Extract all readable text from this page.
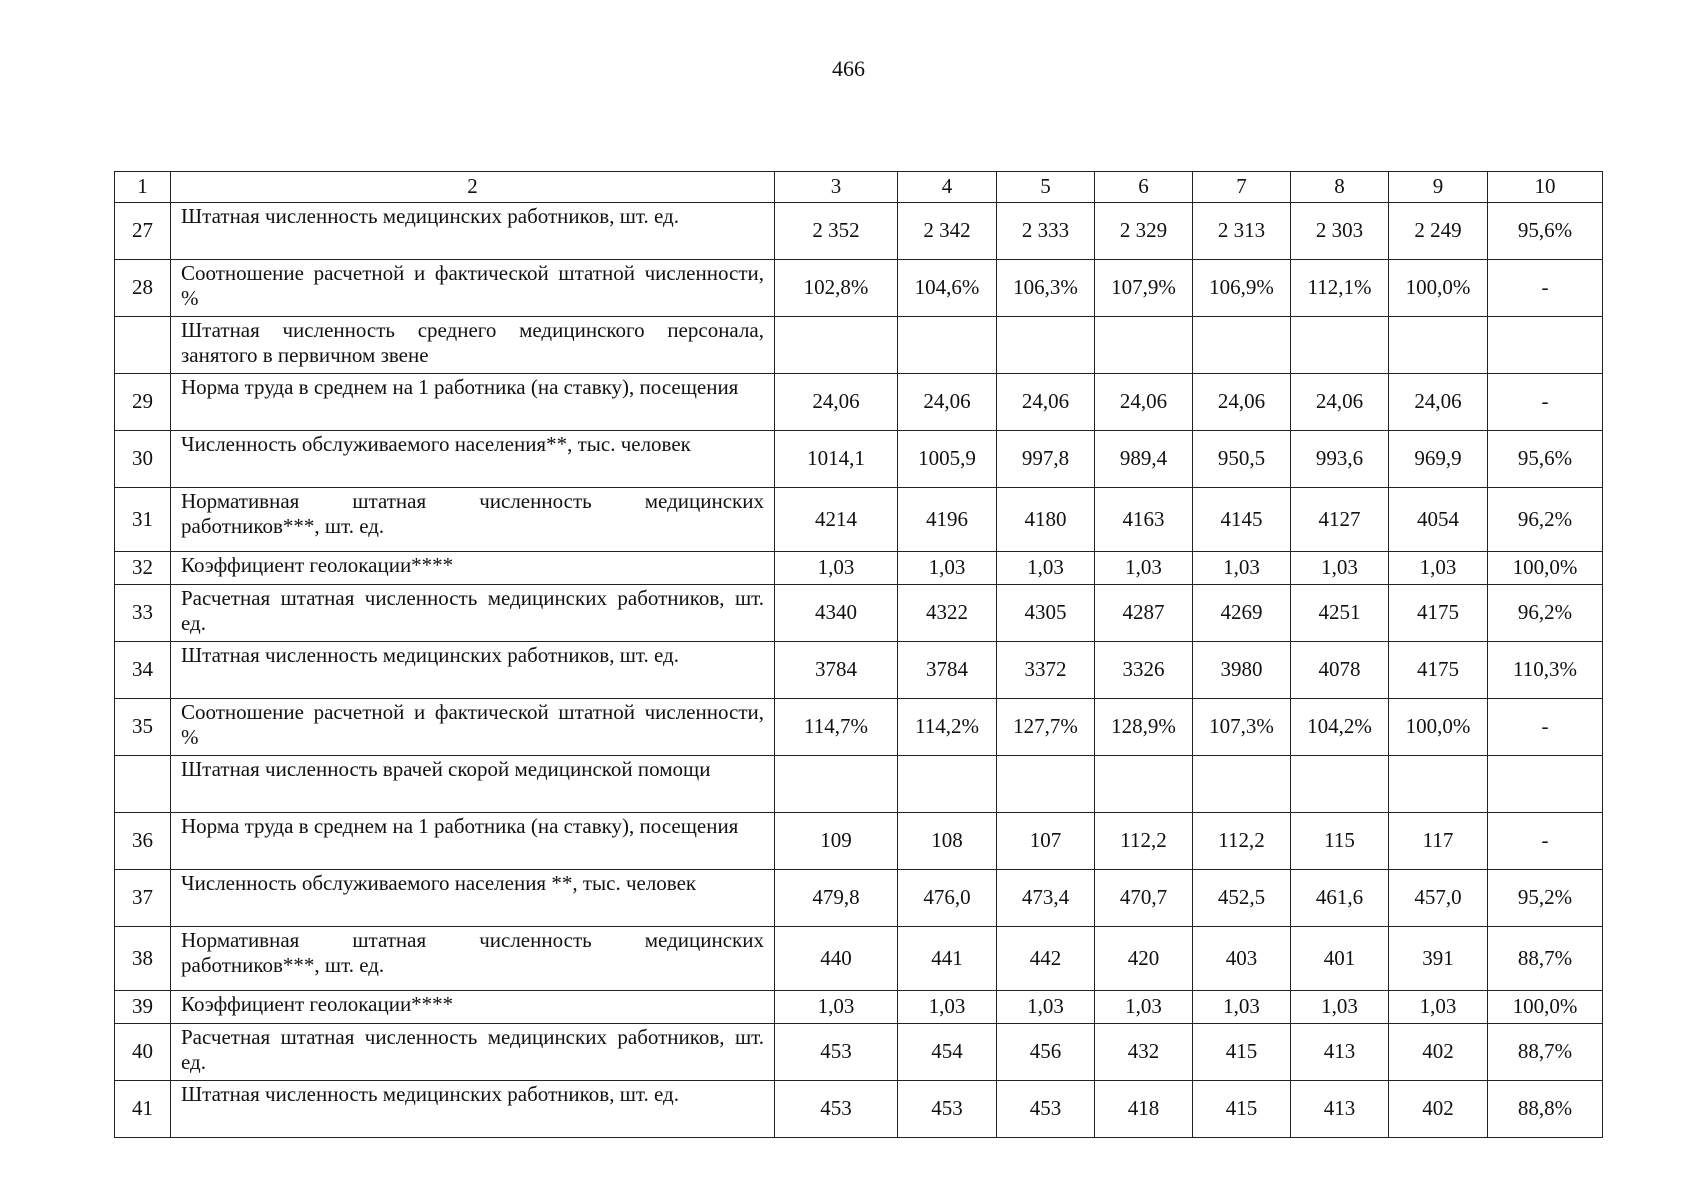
466
1	2	3	4	5	6	7	8	9	10
27	Штатная численность медицинских работников, шт. ед.	2 352	2 342	2 333	2 329	2 313	2 303	2 249	95,6%
28	Соотношение расчетной и фактической штатной численности, %	102,8%	104,6%	106,3%	107,9%	106,9%	112,1%	100,0%	-
	Штатная численность среднего медицинского персонала, занятого в первичном звене								
29	Норма труда в среднем на 1 работника (на ставку), посещения	24,06	24,06	24,06	24,06	24,06	24,06	24,06	-
30	Численность обслуживаемого населения**, тыс. человек	1014,1	1005,9	997,8	989,4	950,5	993,6	969,9	95,6%
31	Нормативная штатная численность медицинских работников***, шт. ед.	4214	4196	4180	4163	4145	4127	4054	96,2%
32	Коэффициент геолокации****	1,03	1,03	1,03	1,03	1,03	1,03	1,03	100,0%
33	Расчетная штатная численность медицинских работников, шт. ед.	4340	4322	4305	4287	4269	4251	4175	96,2%
34	Штатная численность медицинских работников, шт. ед.	3784	3784	3372	3326	3980	4078	4175	110,3%
35	Соотношение расчетной и фактической штатной численности, %	114,7%	114,2%	127,7%	128,9%	107,3%	104,2%	100,0%	-
	Штатная численность врачей скорой медицинской помощи								
36	Норма труда в среднем на 1 работника (на ставку), посещения	109	108	107	112,2	112,2	115	117	-
37	Численность обслуживаемого населения **, тыс. человек	479,8	476,0	473,4	470,7	452,5	461,6	457,0	95,2%
38	Нормативная штатная численность медицинских работников***, шт. ед.	440	441	442	420	403	401	391	88,7%
39	Коэффициент геолокации****	1,03	1,03	1,03	1,03	1,03	1,03	1,03	100,0%
40	Расчетная штатная численность медицинских работников, шт. ед.	453	454	456	432	415	413	402	88,7%
41	Штатная численность медицинских работников, шт. ед.	453	453	453	418	415	413	402	88,8%
